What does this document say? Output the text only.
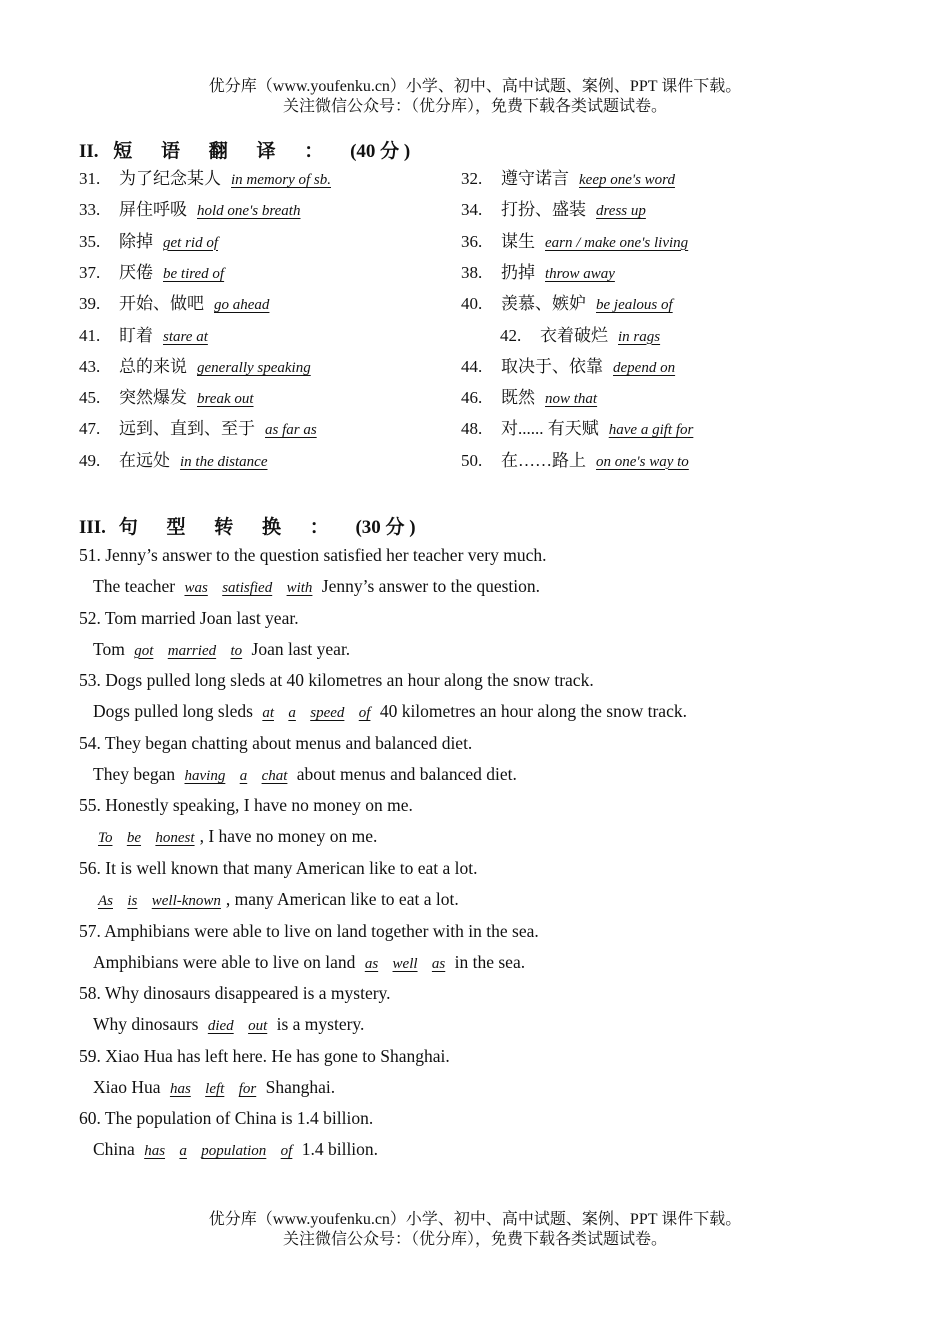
优分库（www.youfenku.cn）小学、初中、高中试题、案例、PPT 课件下载。
关注微信公众号：（优分库），免费下载各类试题试卷。
II. 短 语 翻 译 ： (40 分 )
31. 为了纪念某人 in memory of sb.	32. 遵守诺言 keep one's word
33. 屏住呼吸 hold one's breath	34. 打扮、盛装 dress up
35. 除掉 get rid of	36. 谋生 earn / make one's living
37. 厌倦 be tired of	38. 扔掉 throw away
39. 开始、做吧 go ahead	40. 羡慕、嫉妒 be jealous of
41. 盯着 stare at	42. 衣着破烂 in rags
43. 总的来说 generally speaking	44. 取决于、依靠 depend on
45. 突然爆发 break out	46. 既然 now that
47. 远到、直到、至于 as far as	48. 对...... 有天赋 have a gift for
49. 在远处 in the distance	50. 在……路上 on one's way to
III. 句 型 转 换 ： (30 分 )
51. Jenny’s answer to the question satisfied her teacher very much.
The teacher was satisfied with Jenny’s answer to the question.
52. Tom married Joan last year.
Tom got married to Joan last year.
53. Dogs pulled long sleds at 40 kilometres an hour along the snow track.
Dogs pulled long sleds at a speed of 40 kilometres an hour along the snow track.
54. They began chatting about menus and balanced diet.
They began having a chat about menus and balanced diet.
55. Honestly speaking, I have no money on me.
To be honest , I have no money on me.
56. It is well known that many American like to eat a lot.
As is well-known , many American like to eat a lot.
57. Amphibians were able to live on land together with in the sea.
Amphibians were able to live on land as well as in the sea.
58. Why dinosaurs disappeared is a mystery.
Why dinosaurs died out is a mystery.
59. Xiao Hua has left here. He has gone to Shanghai.
Xiao Hua has left for Shanghai.
60. The population of China is 1.4 billion.
China has a population of 1.4 billion.
优分库（www.youfenku.cn）小学、初中、高中试题、案例、PPT 课件下载。
关注微信公众号：（优分库），免费下载各类试题试卷。
